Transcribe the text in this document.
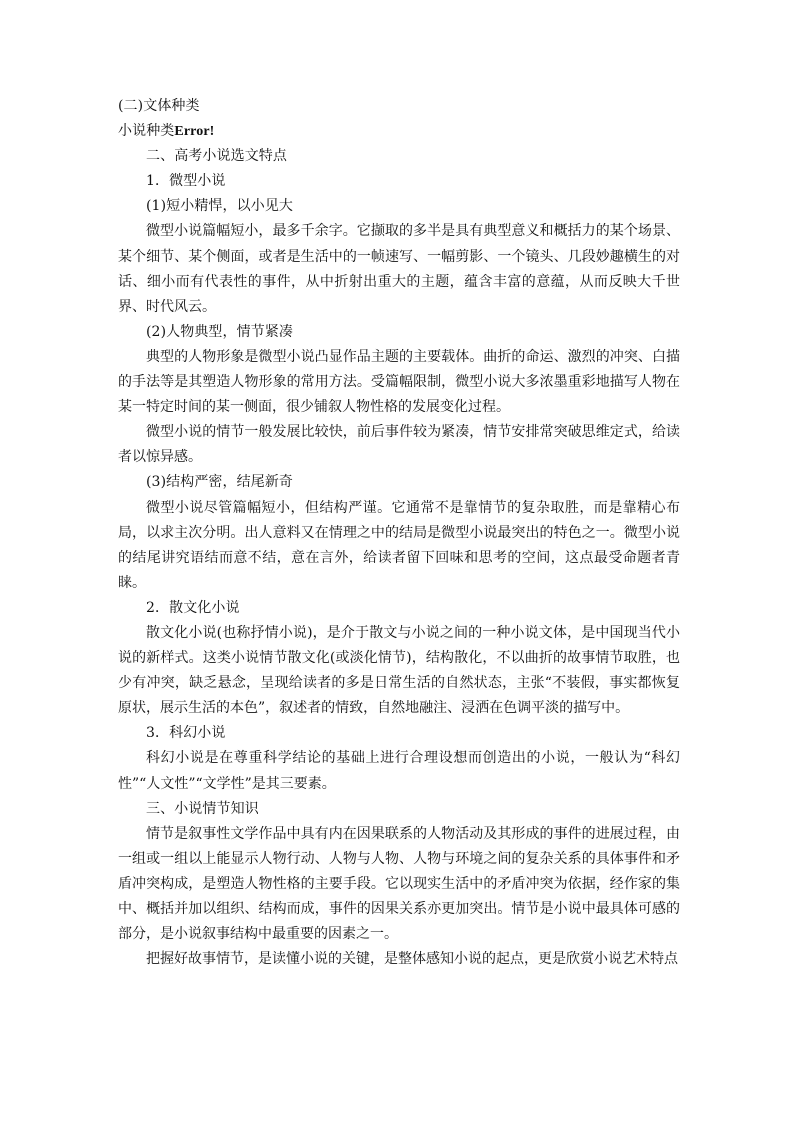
(二)文体种类
小说种类Error!
二、高考小说选文特点
1．微型小说
(1)短小精悍，以小见大
微型小说篇幅短小，最多千余字。它撷取的多半是具有典型意义和概括力的某个场景、某个细节、某个侧面，或者是生活中的一帧速写、一幅剪影、一个镜头、几段妙趣横生的对话、细小而有代表性的事件，从中折射出重大的主题，蕴含丰富的意蕴，从而反映大千世界、时代风云。
(2)人物典型，情节紧凑
典型的人物形象是微型小说凸显作品主题的主要载体。曲折的命运、激烈的冲突、白描的手法等是其塑造人物形象的常用方法。受篇幅限制，微型小说大多浓墨重彩地描写人物在某一特定时间的某一侧面，很少铺叙人物性格的发展变化过程。
微型小说的情节一般发展比较快，前后事件较为紧凑，情节安排常突破思维定式，给读者以惊异感。
(3)结构严密，结尾新奇
微型小说尽管篇幅短小，但结构严谨。它通常不是靠情节的复杂取胜，而是靠精心布局，以求主次分明。出人意料又在情理之中的结局是微型小说最突出的特色之一。微型小说的结尾讲究语结而意不结，意在言外，给读者留下回味和思考的空间，这点最受命题者青睐。
2．散文化小说
散文化小说(也称抒情小说)，是介于散文与小说之间的一种小说文体，是中国现当代小说的新样式。这类小说情节散文化(或淡化情节)，结构散化，不以曲折的故事情节取胜，也少有冲突，缺乏悬念，呈现给读者的多是日常生活的自然状态，主张“不装假，事实都恢复原状，展示生活的本色”，叙述者的情致，自然地融注、浸洒在色调平淡的描写中。
3．科幻小说
科幻小说是在尊重科学结论的基础上进行合理设想而创造出的小说，一般认为“科幻性”“人文性”“文学性”是其三要素。
三、小说情节知识
情节是叙事性文学作品中具有内在因果联系的人物活动及其形成的事件的进展过程，由一组或一组以上能显示人物行动、人物与人物、人物与环境之间的复杂关系的具体事件和矛盾冲突构成，是塑造人物性格的主要手段。它以现实生活中的矛盾冲突为依据，经作家的集中、概括并加以组织、结构而成，事件的因果关系亦更加突出。情节是小说中最具体可感的部分，是小说叙事结构中最重要的因素之一。
把握好故事情节，是读懂小说的关键，是整体感知小说的起点，更是欣赏小说艺术特点
